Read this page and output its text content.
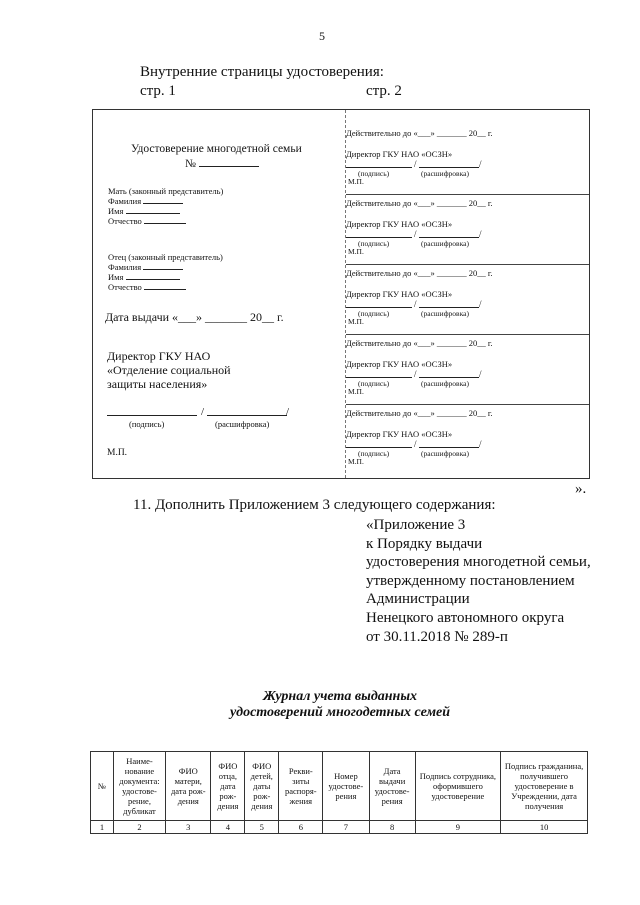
5
Внутренние страницы удостоверения:
стр. 1	стр. 2
Удостоверение многодетной семьи
№
Мать (законный представитель)
Фамилия
Имя
Отчество
Отец (законный представитель)
Фамилия
Имя
Отчество
Дата выдачи «___» _______ 20__ г.
Директор ГКУ НАО
«Отделение социальной
защиты населения»
/	/
(подпись)	(расшифровка)
М.П.
Действительно до «___» _______ 20__ г.
Директор ГКУ НАО «ОСЗН»
/	/
(подпись)	(расшифровка)
М.П.
Действительно до «___» _______ 20__ г.
Директор ГКУ НАО «ОСЗН»
/	/
(подпись)	(расшифровка)
М.П.
Действительно до «___» _______ 20__ г.
Директор ГКУ НАО «ОСЗН»
/	/
(подпись)	(расшифровка)
М.П.
Действительно до «___» _______ 20__ г.
Директор ГКУ НАО «ОСЗН»
/	/
(подпись)	(расшифровка)
М.П.
Действительно до «___» _______ 20__ г.
Директор ГКУ НАО «ОСЗН»
/	/
(подпись)	(расшифровка)
М.П.
».
11. Дополнить Приложением 3 следующего содержания:
«Приложение 3
к Порядку выдачи
удостоверения многодетной семьи,
утвержденному постановлением
Администрации
Ненецкого автономного округа
от 30.11.2018 № 289-п
Журнал учета выданных
удостоверений многодетных семей
№	Наиме-нование документа: удостове-рение, дубликат	ФИО матери, дата рож-дения	ФИО отца, дата рож-дения	ФИО детей, даты рож-дения	Рекви-зиты распоря-жения	Номер удостове-рения	Дата выдачи удостове-рения	Подпись сотрудника, оформившего удостоверение	Подпись гражданина, получившего удостоверение в Учреждении, дата получения
1	2	3	4	5	6	7	8	9	10
